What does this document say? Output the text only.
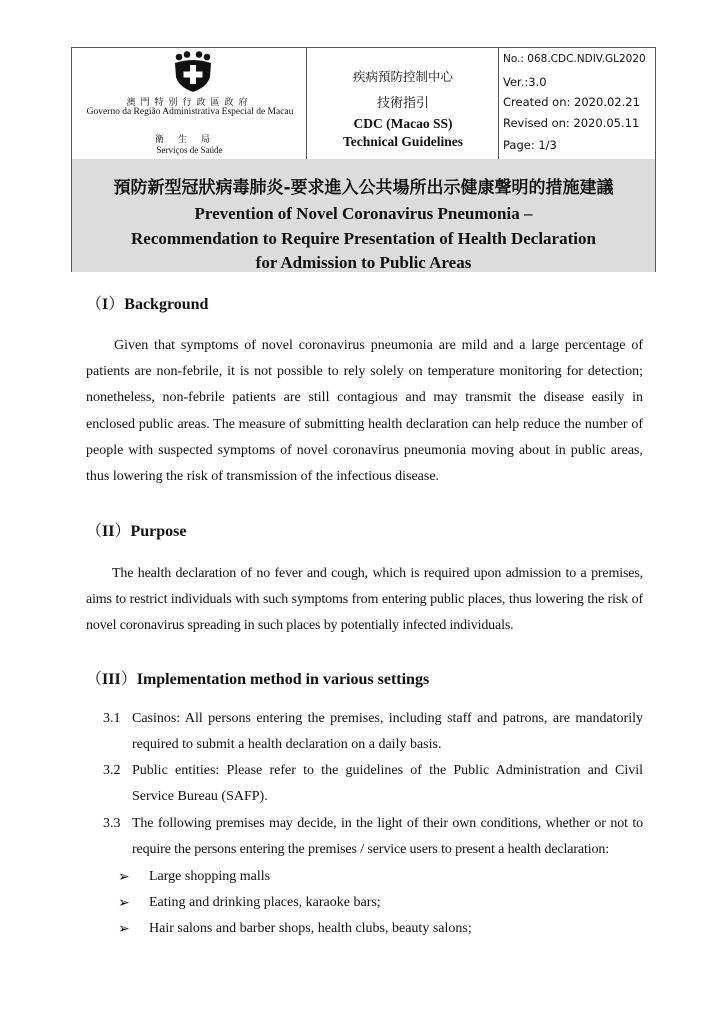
澳門特別行政區政府
Governo da Região Administrativa Especial de Macau
衛生局
Serviços de Saúde
疾病預防控制中心
技術指引
CDC (Macao SS)
Technical Guidelines
No.: 068.CDC.NDIV.GL2020
Ver.:3.0
Created on: 2020.02.21
Revised on: 2020.05.11
Page: 1/3
預防新型冠狀病毒肺炎-要求進入公共場所出示健康聲明的措施建議
Prevention of Novel Coronavirus Pneumonia –
Recommendation to Require Presentation of Health Declaration
for Admission to Public Areas
（I）Background
Given that symptoms of novel coronavirus pneumonia are mild and a large percentage of patients are non-febrile, it is not possible to rely solely on temperature monitoring for detection; nonetheless, non-febrile patients are still contagious and may transmit the disease easily in enclosed public areas. The measure of submitting health declaration can help reduce the number of people with suspected symptoms of novel coronavirus pneumonia moving about in public areas, thus lowering the risk of transmission of the infectious disease.
（II）Purpose
The health declaration of no fever and cough, which is required upon admission to a premises, aims to restrict individuals with such symptoms from entering public places, thus lowering the risk of novel coronavirus spreading in such places by potentially infected individuals.
（III）Implementation method in various settings
3.1 Casinos: All persons entering the premises, including staff and patrons, are mandatorily required to submit a health declaration on a daily basis.
3.2 Public entities: Please refer to the guidelines of the Public Administration and Civil Service Bureau (SAFP).
3.3 The following premises may decide, in the light of their own conditions, whether or not to require the persons entering the premises / service users to present a health declaration:
➢ Large shopping malls
➢ Eating and drinking places, karaoke bars;
➢ Hair salons and barber shops, health clubs, beauty salons;
